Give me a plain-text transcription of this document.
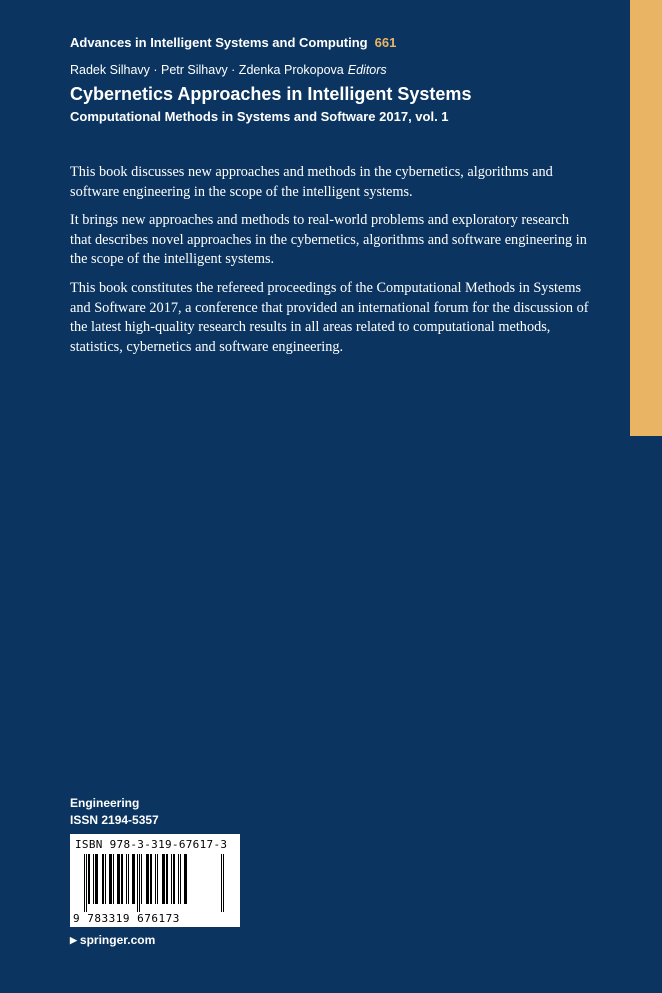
Advances in Intelligent Systems and Computing 661
Radek Silhavy · Petr Silhavy · Zdenka Prokopova Editors
Cybernetics Approaches in Intelligent Systems
Computational Methods in Systems and Software 2017, vol. 1

This book discusses new approaches and methods in the cybernetics, algorithms and software engineering in the scope of the intelligent systems.

It brings new approaches and methods to real-world problems and exploratory research that describes novel approaches in the cybernetics, algorithms and software engineering in the scope of the intelligent systems.

This book constitutes the refereed proceedings of the Computational Methods in Systems and Software 2017, a conference that provided an international forum for the discussion of the latest high-quality research results in all areas related to computational methods, statistics, cybernetics and software engineering.

Engineering
ISSN 2194-5357
ISBN 978-3-319-67617-3
9 783319 676173
▶ springer.com
